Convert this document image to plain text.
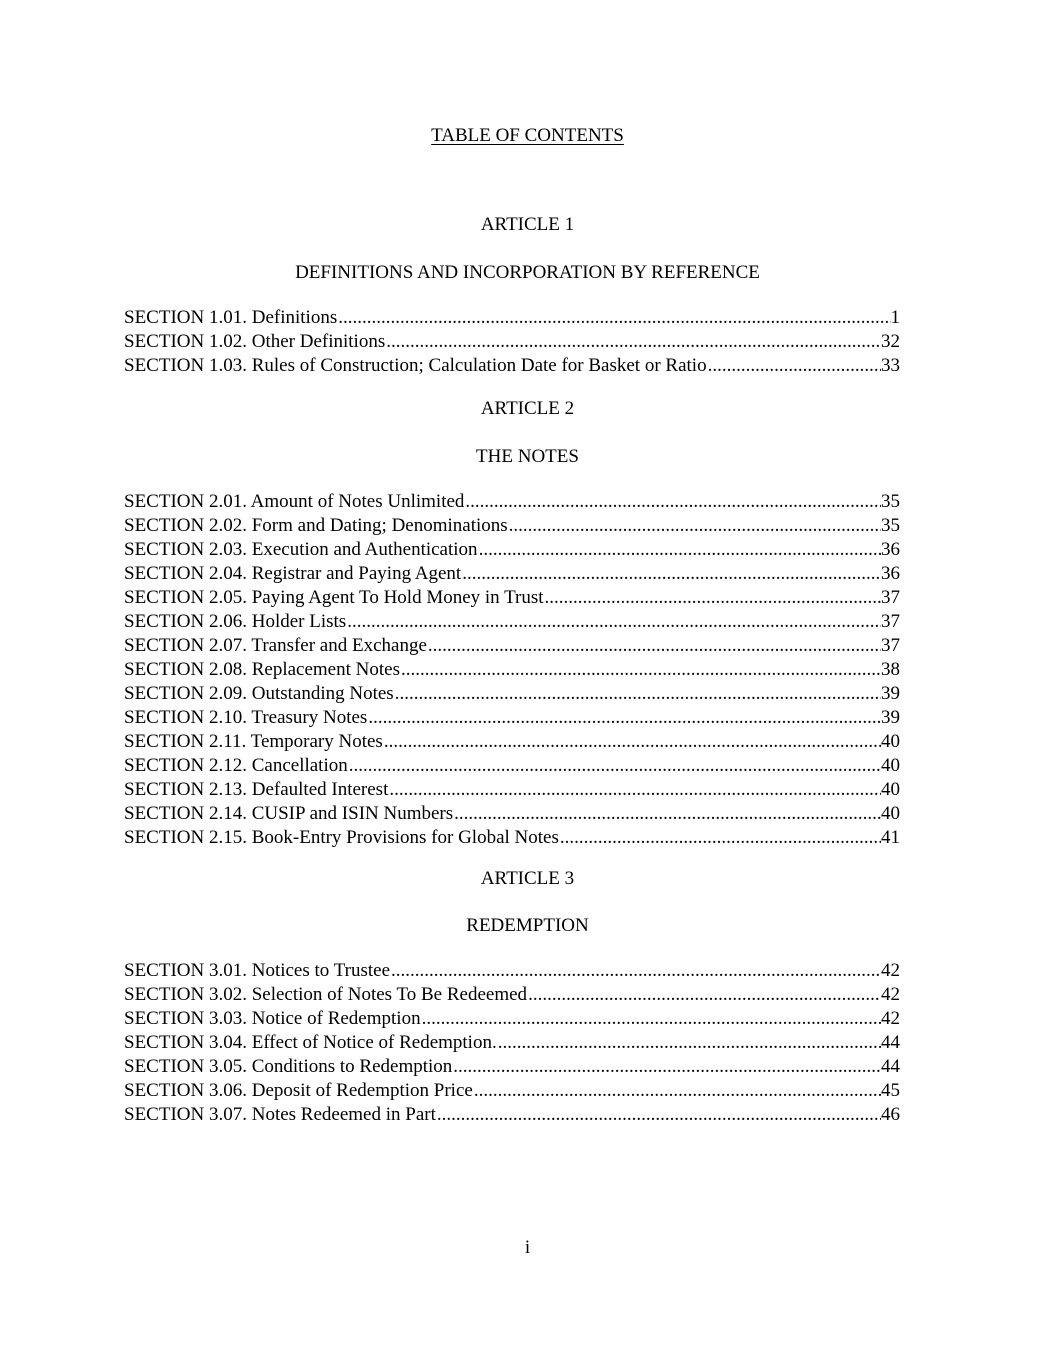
TABLE OF CONTENTS
ARTICLE 1
DEFINITIONS AND INCORPORATION BY REFERENCE
SECTION 1.01. Definitions .....	1
SECTION 1.02. Other Definitions .....	32
SECTION 1.03. Rules of Construction; Calculation Date for Basket or Ratio .....	33
ARTICLE 2
THE NOTES
SECTION 2.01. Amount of Notes Unlimited .....	35
SECTION 2.02. Form and Dating; Denominations .....	35
SECTION 2.03. Execution and Authentication .....	36
SECTION 2.04. Registrar and Paying Agent .....	36
SECTION 2.05. Paying Agent To Hold Money in Trust .....	37
SECTION 2.06. Holder Lists .....	37
SECTION 2.07. Transfer and Exchange .....	37
SECTION 2.08. Replacement Notes .....	38
SECTION 2.09. Outstanding Notes .....	39
SECTION 2.10. Treasury Notes .....	39
SECTION 2.11. Temporary Notes .....	40
SECTION 2.12. Cancellation .....	40
SECTION 2.13. Defaulted Interest .....	40
SECTION 2.14. CUSIP and ISIN Numbers .....	40
SECTION 2.15. Book-Entry Provisions for Global Notes .....	41
ARTICLE 3
REDEMPTION
SECTION 3.01. Notices to Trustee .....	42
SECTION 3.02. Selection of Notes To Be Redeemed .....	42
SECTION 3.03. Notice of Redemption .....	42
SECTION 3.04. Effect of Notice of Redemption. .....	44
SECTION 3.05. Conditions to Redemption .....	44
SECTION 3.06. Deposit of Redemption Price .....	45
SECTION 3.07. Notes Redeemed in Part .....	46
i
